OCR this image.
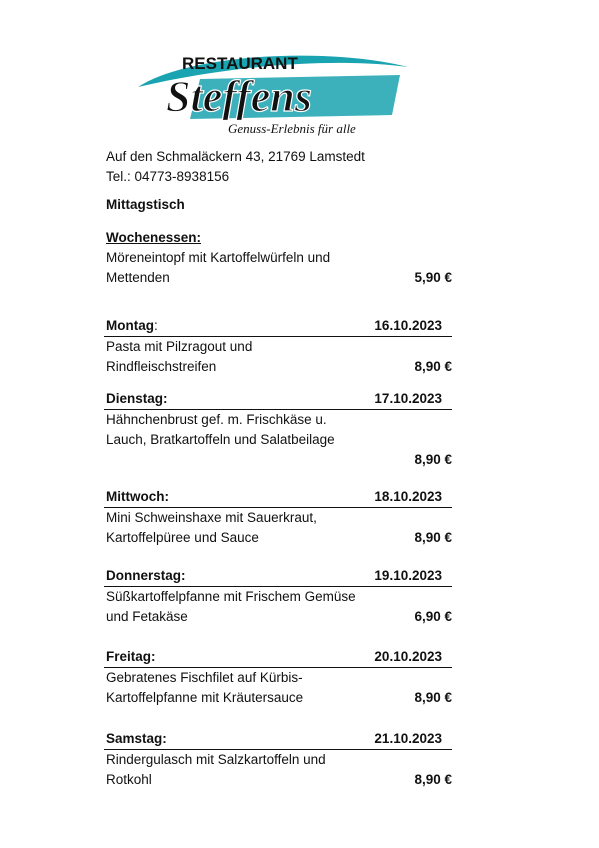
RESTAURANT
Steffens
Genuss-Erlebnis für alle
Auf den Schmaläckern 43, 21769 Lamstedt
Tel.: 04773-8938156
Mittagstisch
Wochenessen:
Möreneintopf mit Kartoffelwürfeln und
Mettenden	5,90 €
Montag:	16.10.2023
Pasta mit Pilzragout und
Rindfleischstreifen	8,90 €
Dienstag:	17.10.2023
Hähnchenbrust gef. m. Frischkäse u.
Lauch, Bratkartoffeln und Salatbeilage
8,90 €
Mittwoch:	18.10.2023
Mini Schweinshaxe mit Sauerkraut,
Kartoffelpüree und Sauce	8,90 €
Donnerstag:	19.10.2023
Süßkartoffelpfanne mit Frischem Gemüse
und Fetakäse	6,90 €
Freitag:	20.10.2023
Gebratenes Fischfilet auf Kürbis-
Kartoffelpfanne mit Kräutersauce	8,90 €
Samstag:	21.10.2023
Rindergulasch mit Salzkartoffeln und
Rotkohl	8,90 €
